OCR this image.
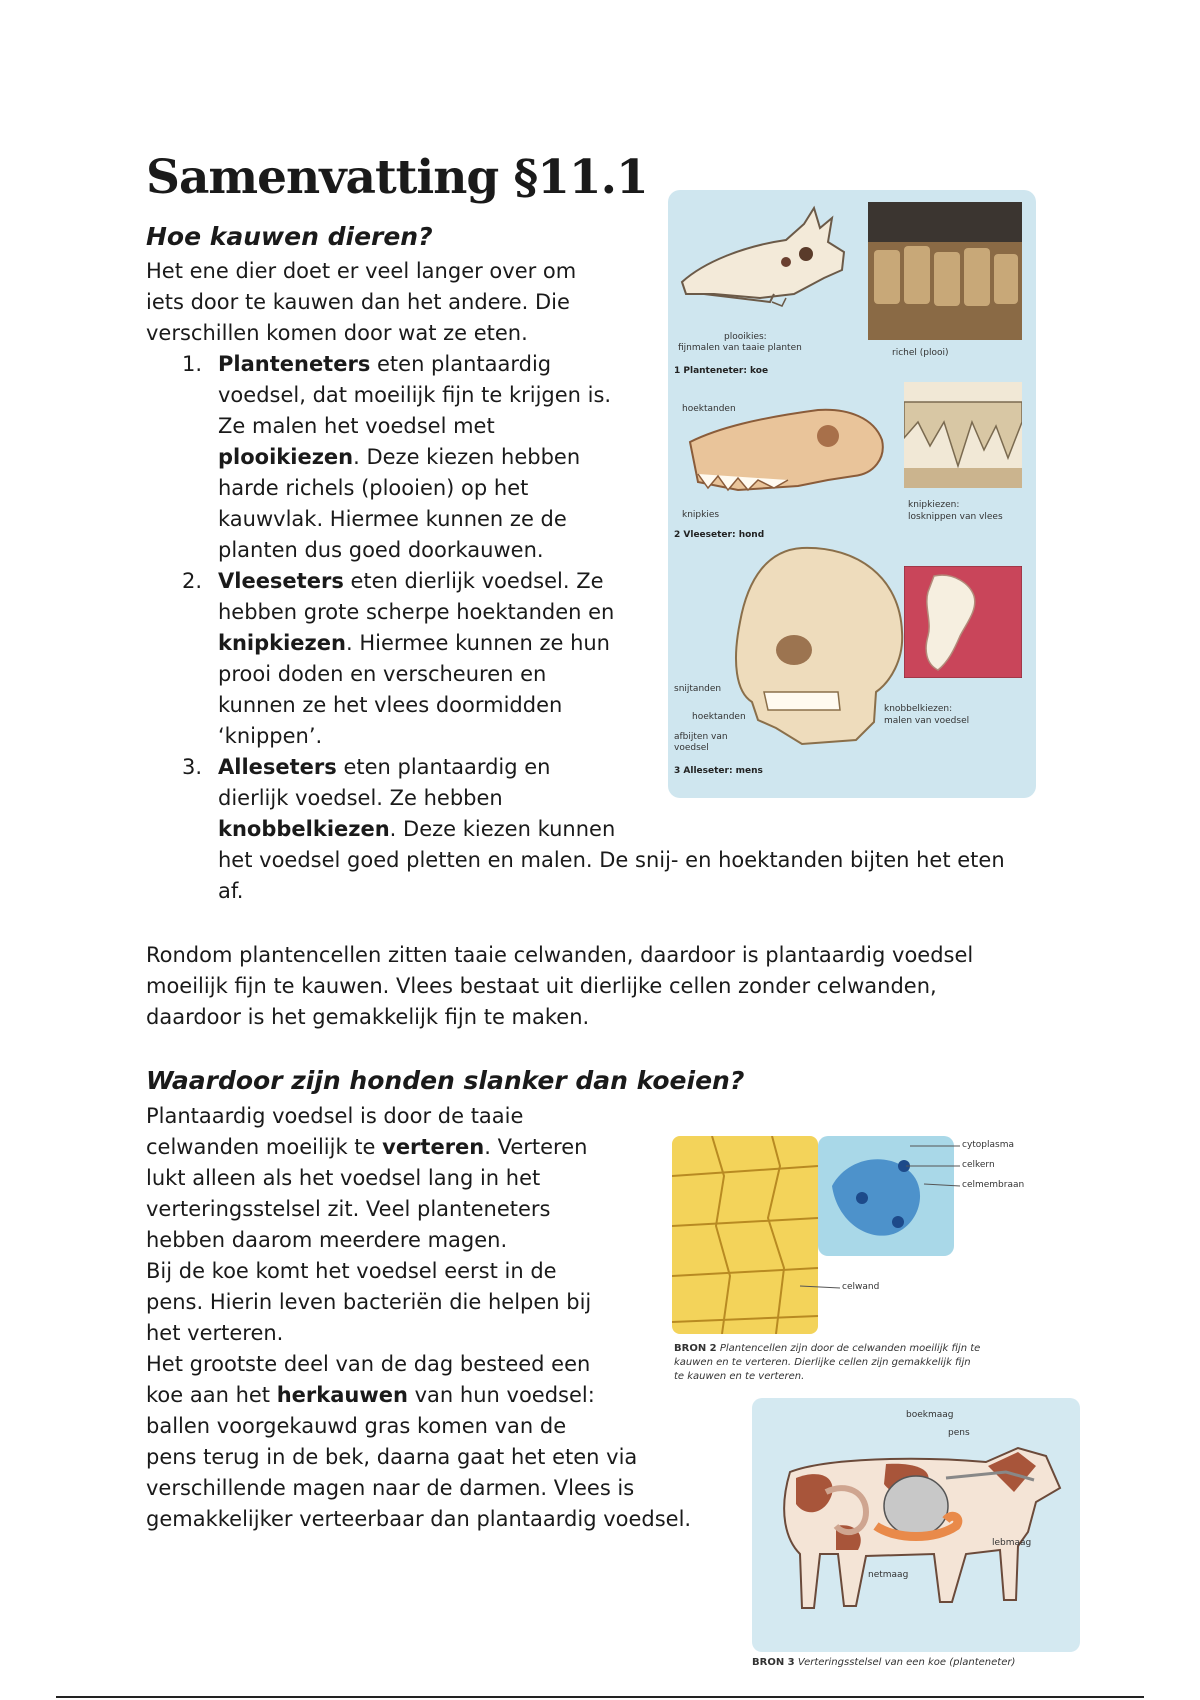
Samenvatting §11.1
Hoe kauwen dieren?

Het ene dier doet er veel langer over om

iets door te kauwen dan het andere. Die

verschillen komen door wat ze eten.

1. Planteneters eten plantaardig

voedsel, dat moeilijk fijn te krijgen is.

Ze malen het voedsel met

plooikiezen. Deze kiezen hebben

harde richels (plooien) op het

kauwvlak. Hiermee kunnen ze de

planten dus goed doorkauwen.

2. Vleeseters eten dierlijk voedsel. Ze

hebben grote scherpe hoektanden en

knipkiezen. Hiermee kunnen ze hun

prooi doden en verscheuren en

kunnen ze het vlees doormidden

‘knippen’.

3. Alleseters eten plantaardig en

dierlijk voedsel. Ze hebben

knobbelkiezen. Deze kiezen kunnen

het voedsel goed pletten en malen. De snij- en hoektanden bijten het eten

af.

Rondom plantencellen zitten taaie celwanden, daardoor is plantaardig voedsel

moeilijk fijn te kauwen. Vlees bestaat uit dierlijke cellen zonder celwanden,

daardoor is het gemakkelijk fijn te maken.

Waardoor zijn honden slanker dan koeien?

Plantaardig voedsel is door de taaie

celwanden moeilijk te verteren. Verteren

lukt alleen als het voedsel lang in het

verteringsstelsel zit. Veel planteneters

hebben daarom meerdere magen.

Bij de koe komt het voedsel eerst in de

pens. Hierin leven bacteriën die helpen bij

het verteren.

Het grootste deel van de dag besteed een

koe aan het herkauwen van hun voedsel:

ballen voorgekauwd gras komen van de

pens terug in de bek, daarna gaat het eten via

verschillende magen naar de darmen. Vlees is

gemakkelijker verteerbaar dan plantaardig voedsel.

plooikies:

fijnmalen van taaie planten	richel (plooi)

1 Planteneter: koe

hoektanden

knipkies

knipkiezen:

losknippen van vlees

2 Vleeseter: hond

snijtanden

hoektanden

afbijten van

voedsel

knobbelkiezen:

malen van voedsel

3 Alleseter: mens

cytoplasma

celkern

celmembraan

celwand

BRON 2 Plantencellen zijn door de celwanden moeilijk fijn te
kauwen en te verteren. Dierlijke cellen zijn gemakkelijk fijn
te kauwen en te verteren.

boekmaag

pens

lebmaag

netmaag

BRON 3 Verteringsstelsel van een koe (planteneter)
